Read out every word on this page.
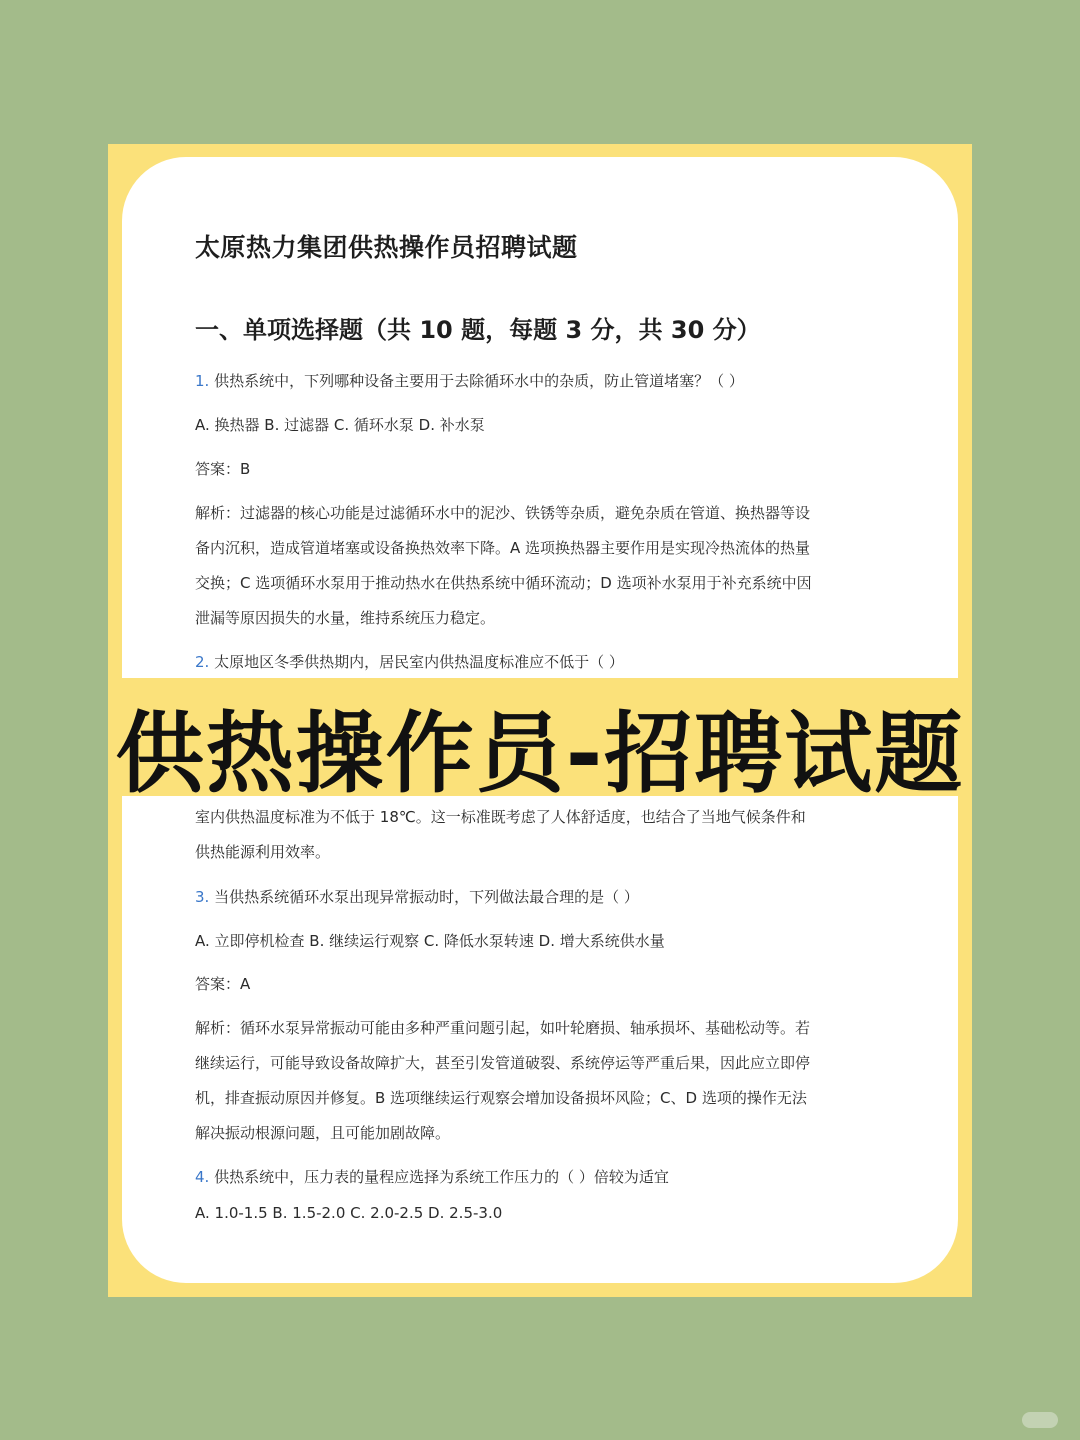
太原热力集团供热操作员招聘试题
一、单项选择题（共 10 题，每题 3 分，共 30 分）
1. 供热系统中，下列哪种设备主要用于去除循环水中的杂质，防止管道堵塞？（ ）
A. 换热器 B. 过滤器 C. 循环水泵 D. 补水泵
答案：B
解析：过滤器的核心功能是过滤循环水中的泥沙、铁锈等杂质，避免杂质在管道、换热器等设
备内沉积，造成管道堵塞或设备换热效率下降。A 选项换热器主要作用是实现冷热流体的热量
交换；C 选项循环水泵用于推动热水在供热系统中循环流动；D 选项补水泵用于补充系统中因
泄漏等原因损失的水量，维持系统压力稳定。
2. 太原地区冬季供热期内，居民室内供热温度标准应不低于（ ）
供热操作员-招聘试题
室内供热温度标准为不低于 18℃。这一标准既考虑了人体舒适度，也结合了当地气候条件和
供热能源利用效率。
3. 当供热系统循环水泵出现异常振动时，下列做法最合理的是（ ）
A. 立即停机检查 B. 继续运行观察 C. 降低水泵转速 D. 增大系统供水量
答案：A
解析：循环水泵异常振动可能由多种严重问题引起，如叶轮磨损、轴承损坏、基础松动等。若
继续运行，可能导致设备故障扩大，甚至引发管道破裂、系统停运等严重后果，因此应立即停
机，排查振动原因并修复。B 选项继续运行观察会增加设备损坏风险；C、D 选项的操作无法
解决振动根源问题，且可能加剧故障。
4. 供热系统中，压力表的量程应选择为系统工作压力的（ ）倍较为适宜
A. 1.0-1.5 B. 1.5-2.0 C. 2.0-2.5 D. 2.5-3.0
